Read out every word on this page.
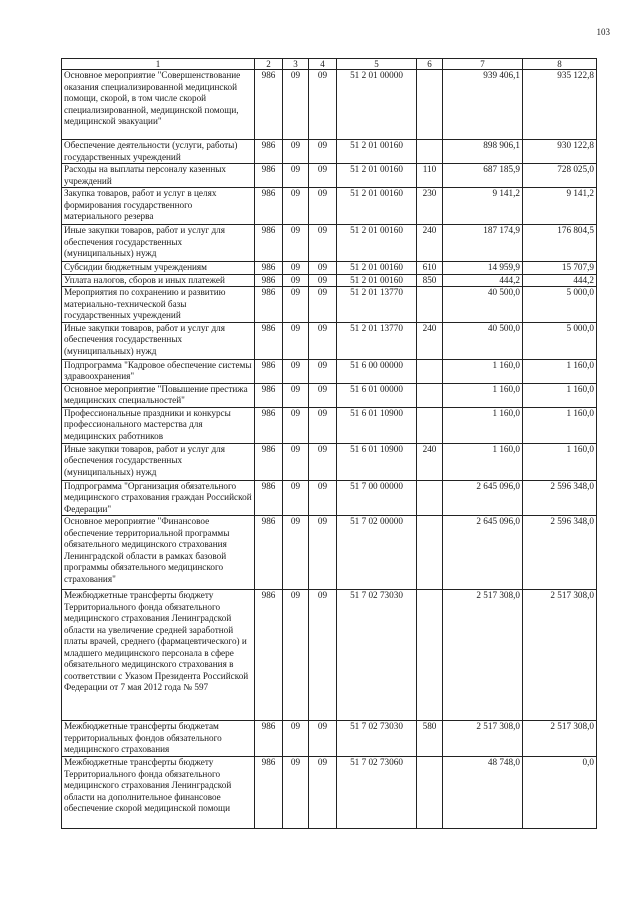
103
1	2	3	4	5	6	7	8
Основное мероприятие "Совершенствование оказания специализированной медицинской помощи, скорой, в том числе скорой специализированной, медицинской помощи, медицинской эвакуации"	986	09	09	51 2 01 00000		939 406,1	935 122,8
Обеспечение деятельности (услуги, работы) государственных учреждений	986	09	09	51 2 01 00160		898 906,1	930 122,8
Расходы на выплаты персоналу казенных учреждений	986	09	09	51 2 01 00160	110	687 185,9	728 025,0
Закупка товаров, работ и услуг в целях формирования государственного материального резерва	986	09	09	51 2 01 00160	230	9 141,2	9 141,2
Иные закупки товаров, работ и услуг для обеспечения государственных (муниципальных) нужд	986	09	09	51 2 01 00160	240	187 174,9	176 804,5
Субсидии бюджетным учреждениям	986	09	09	51 2 01 00160	610	14 959,9	15 707,9
Уплата налогов, сборов и иных платежей	986	09	09	51 2 01 00160	850	444,2	444,2
Мероприятия по сохранению и развитию материально-технической базы государственных учреждений	986	09	09	51 2 01 13770		40 500,0	5 000,0
Иные закупки товаров, работ и услуг для обеспечения государственных (муниципальных) нужд	986	09	09	51 2 01 13770	240	40 500,0	5 000,0
Подпрограмма "Кадровое обеспечение системы здравоохранения"	986	09	09	51 6 00 00000		1 160,0	1 160,0
Основное мероприятие "Повышение престижа медицинских специальностей"	986	09	09	51 6 01 00000		1 160,0	1 160,0
Профессиональные праздники и конкурсы профессионального мастерства для медицинских работников	986	09	09	51 6 01 10900		1 160,0	1 160,0
Иные закупки товаров, работ и услуг для обеспечения государственных (муниципальных) нужд	986	09	09	51 6 01 10900	240	1 160,0	1 160,0
Подпрограмма "Организация обязательного медицинского страхования граждан Российской Федерации"	986	09	09	51 7 00 00000		2 645 096,0	2 596 348,0
Основное мероприятие "Финансовое обеспечение территориальной программы обязательного медицинского страхования Ленинградской области в рамках базовой программы обязательного медицинского страхования"	986	09	09	51 7 02 00000		2 645 096,0	2 596 348,0
Межбюджетные трансферты бюджету Территориального фонда обязательного медицинского страхования Ленинградской области на увеличение средней заработной платы врачей, среднего (фармацевтического) и младшего медицинского персонала в сфере обязательного медицинского страхования в соответствии с Указом Президента Российской Федерации от 7 мая 2012 года № 597	986	09	09	51 7 02 73030		2 517 308,0	2 517 308,0
Межбюджетные трансферты бюджетам территориальных фондов обязательного медицинского страхования	986	09	09	51 7 02 73030	580	2 517 308,0	2 517 308,0
Межбюджетные трансферты бюджету Территориального фонда обязательного медицинского страхования Ленинградской области на дополнительное финансовое обеспечение скорой медицинской помощи	986	09	09	51 7 02 73060		48 748,0	0,0
